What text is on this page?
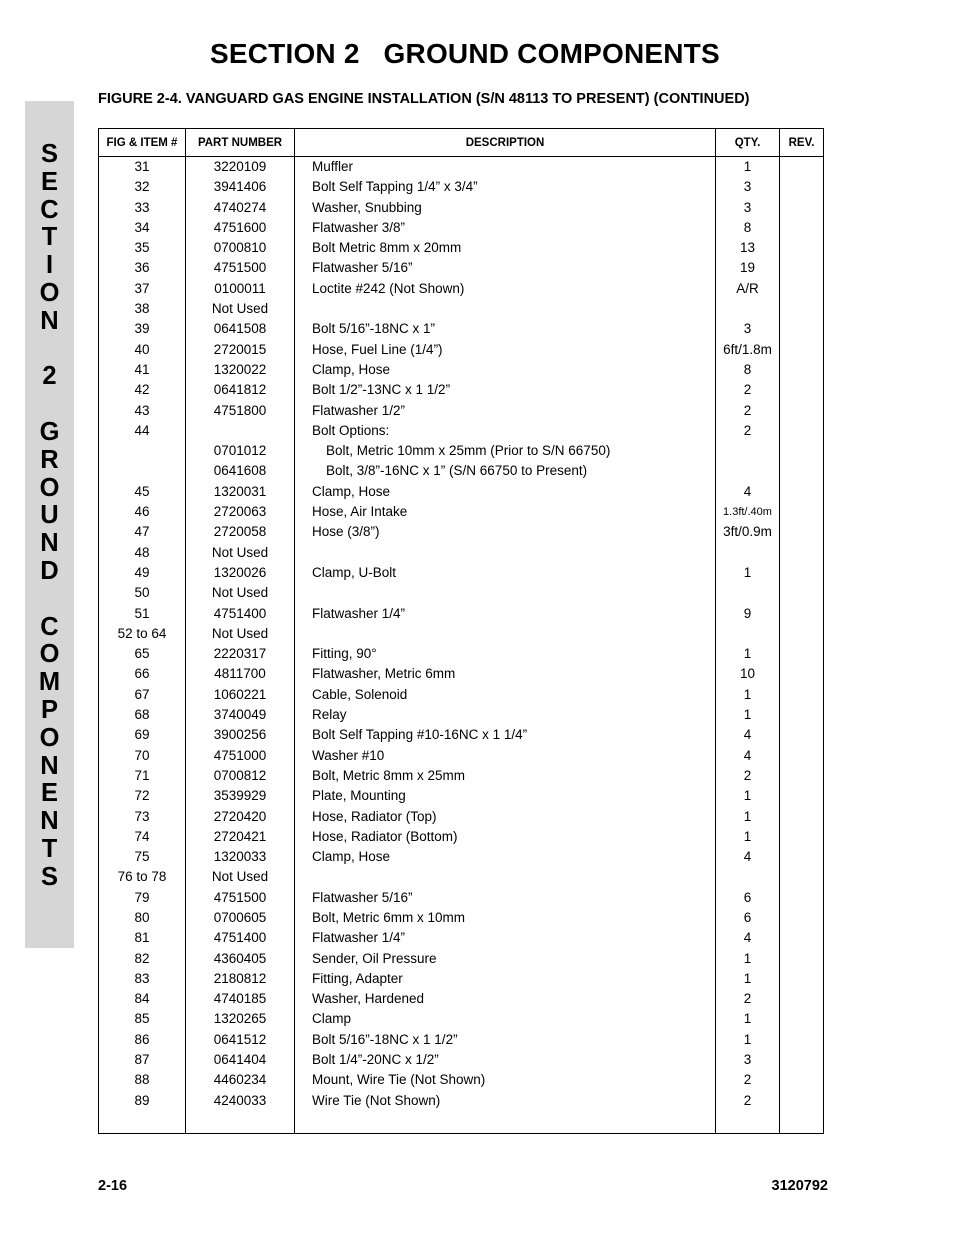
SECTION 2   GROUND COMPONENTS
FIGURE 2-4. VANGUARD GAS ENGINE INSTALLATION (S/N 48113 TO PRESENT) (CONTINUED)
S
E
C
T
I
O
N
2
G
R
O
U
N
D
C
O
M
P
O
N
E
N
T
S
FIG & ITEM #	PART NUMBER	DESCRIPTION	QTY.	REV.
31	3220109	Muffler	1	
32	3941406	Bolt Self Tapping 1/4” x 3/4”	3	
33	4740274	Washer, Snubbing	3	
34	4751600	Flatwasher 3/8”	8	
35	0700810	Bolt Metric 8mm x 20mm	13	
36	4751500	Flatwasher 5/16”	19	
37	0100011	Loctite #242 (Not Shown)	A/R	
38	Not Used			
39	0641508	Bolt 5/16”-18NC x 1”	3	
40	2720015	Hose, Fuel Line (1/4”)	6ft/1.8m	
41	1320022	Clamp, Hose	8	
42	0641812	Bolt 1/2”-13NC x 1 1/2”	2	
43	4751800	Flatwasher 1/2”	2	
44		Bolt Options:	2	
	0701012	Bolt, Metric 10mm x 25mm (Prior to S/N 66750)		
	0641608	Bolt, 3/8”-16NC x 1” (S/N 66750 to Present)		
45	1320031	Clamp, Hose	4	
46	2720063	Hose, Air Intake	1.3ft/.40m	
47	2720058	Hose (3/8”)	3ft/0.9m	
48	Not Used			
49	1320026	Clamp, U-Bolt	1	
50	Not Used			
51	4751400	Flatwasher 1/4”	9	
52 to 64	Not Used			
65	2220317	Fitting, 90°	1	
66	4811700	Flatwasher, Metric 6mm	10	
67	1060221	Cable, Solenoid	1	
68	3740049	Relay	1	
69	3900256	Bolt Self Tapping #10-16NC x 1 1/4”	4	
70	4751000	Washer #10	4	
71	0700812	Bolt, Metric 8mm x 25mm	2	
72	3539929	Plate, Mounting	1	
73	2720420	Hose, Radiator (Top)	1	
74	2720421	Hose, Radiator (Bottom)	1	
75	1320033	Clamp, Hose	4	
76 to 78	Not Used			
79	4751500	Flatwasher 5/16”	6	
80	0700605	Bolt, Metric 6mm x 10mm	6	
81	4751400	Flatwasher 1/4”	4	
82	4360405	Sender, Oil Pressure	1	
83	2180812	Fitting, Adapter	1	
84	4740185	Washer, Hardened	2	
85	1320265	Clamp	1	
86	0641512	Bolt 5/16”-18NC x 1 1/2”	1	
87	0641404	Bolt 1/4”-20NC x 1/2”	3	
88	4460234	Mount, Wire Tie (Not Shown)	2	
89	4240033	Wire Tie (Not Shown)	2	

2-16	3120792
